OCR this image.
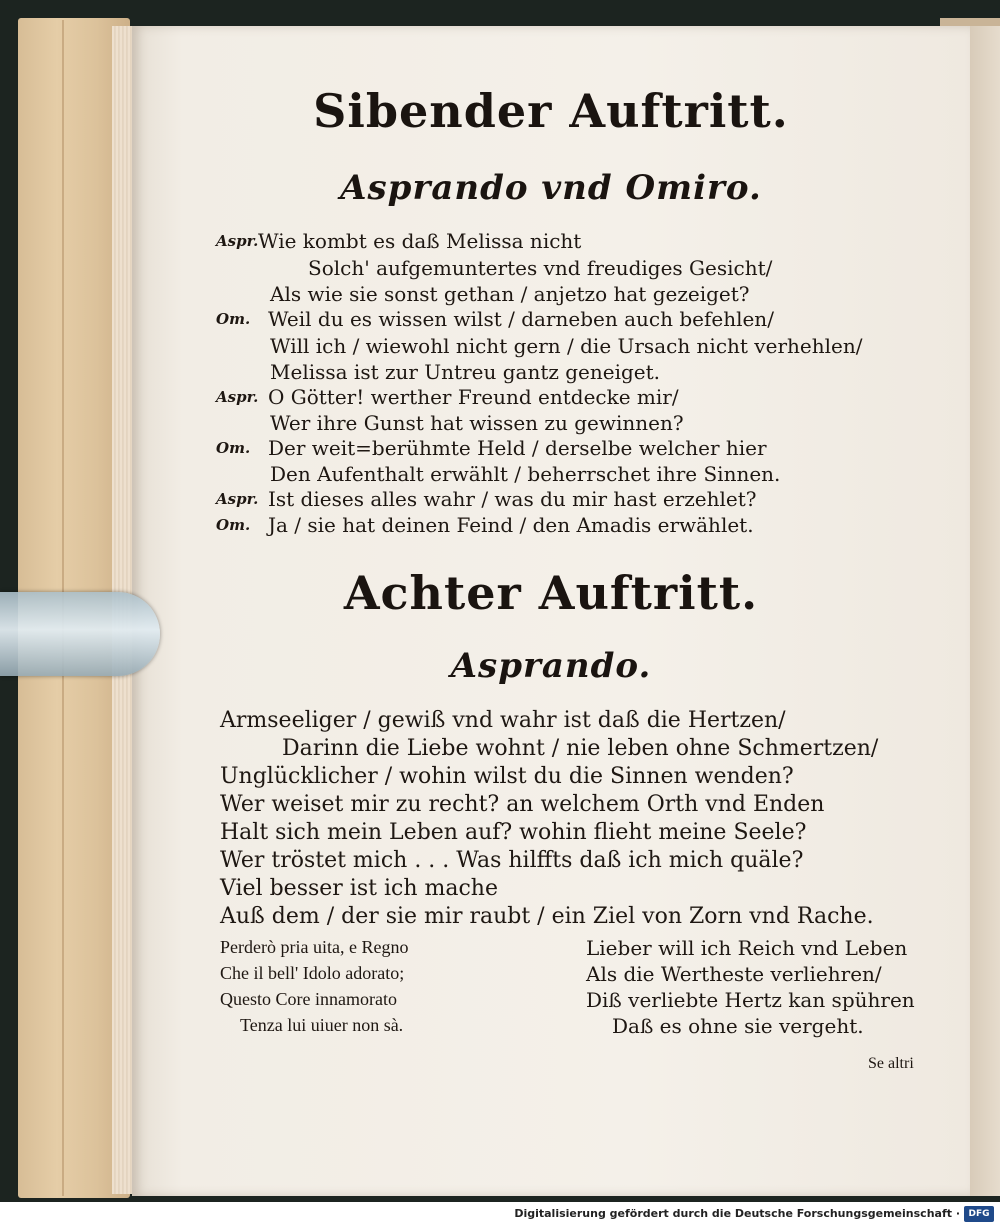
Sibender Auftritt.
Asprando vnd Omiro.
Aspr. Wie kombt es daß Melissa nicht
Solch' aufgemuntertes vnd freudiges Gesicht/
Als wie sie sonst gethan / anjetzo hat gezeiget?
Om. Weil du es wissen wilst / darneben auch befehlen/
Will ich / wiewohl nicht gern / die Ursach nicht verhehlen/
Melissa ist zur Untreu gantz geneiget.
Aspr. O Götter! werther Freund entdecke mir/
Wer ihre Gunst hat wissen zu gewinnen?
Om. Der weit=berühmte Held / derselbe welcher hier
Den Aufenthalt erwählt / beherrschet ihre Sinnen.
Aspr. Ist dieses alles wahr / was du mir hast erzehlet?
Om. Ja / sie hat deinen Feind / den Amadis erwählet.
Achter Auftritt.
Asprando.
Armseeliger / gewiß vnd wahr ist daß die Hertzen/
Darinn die Liebe wohnt / nie leben ohne Schmertzen/
Unglücklicher / wohin wilst du die Sinnen wenden?
Wer weiset mir zu recht? an welchem Orth vnd Enden
Halt sich mein Leben auf? wohin flieht meine Seele?
Wer tröstet mich . . . Was hilffts daß ich mich quäle?
Viel besser ist ich mache
Auß dem / der sie mir raubt / ein Ziel von Zorn vnd Rache.
Perderò pria uita, e Regno
Che il bell' Idolo adorato;
Questo Core innamorato
Tenza lui uiuer non sà.
Lieber will ich Reich vnd Leben
Als die Wertheste verliehren/
Diß verliebte Hertz kan spühren
Daß es ohne sie vergeht.
Se altri
Digitalisierung gefördert durch die Deutsche Forschungsgemeinschaft · DFG
